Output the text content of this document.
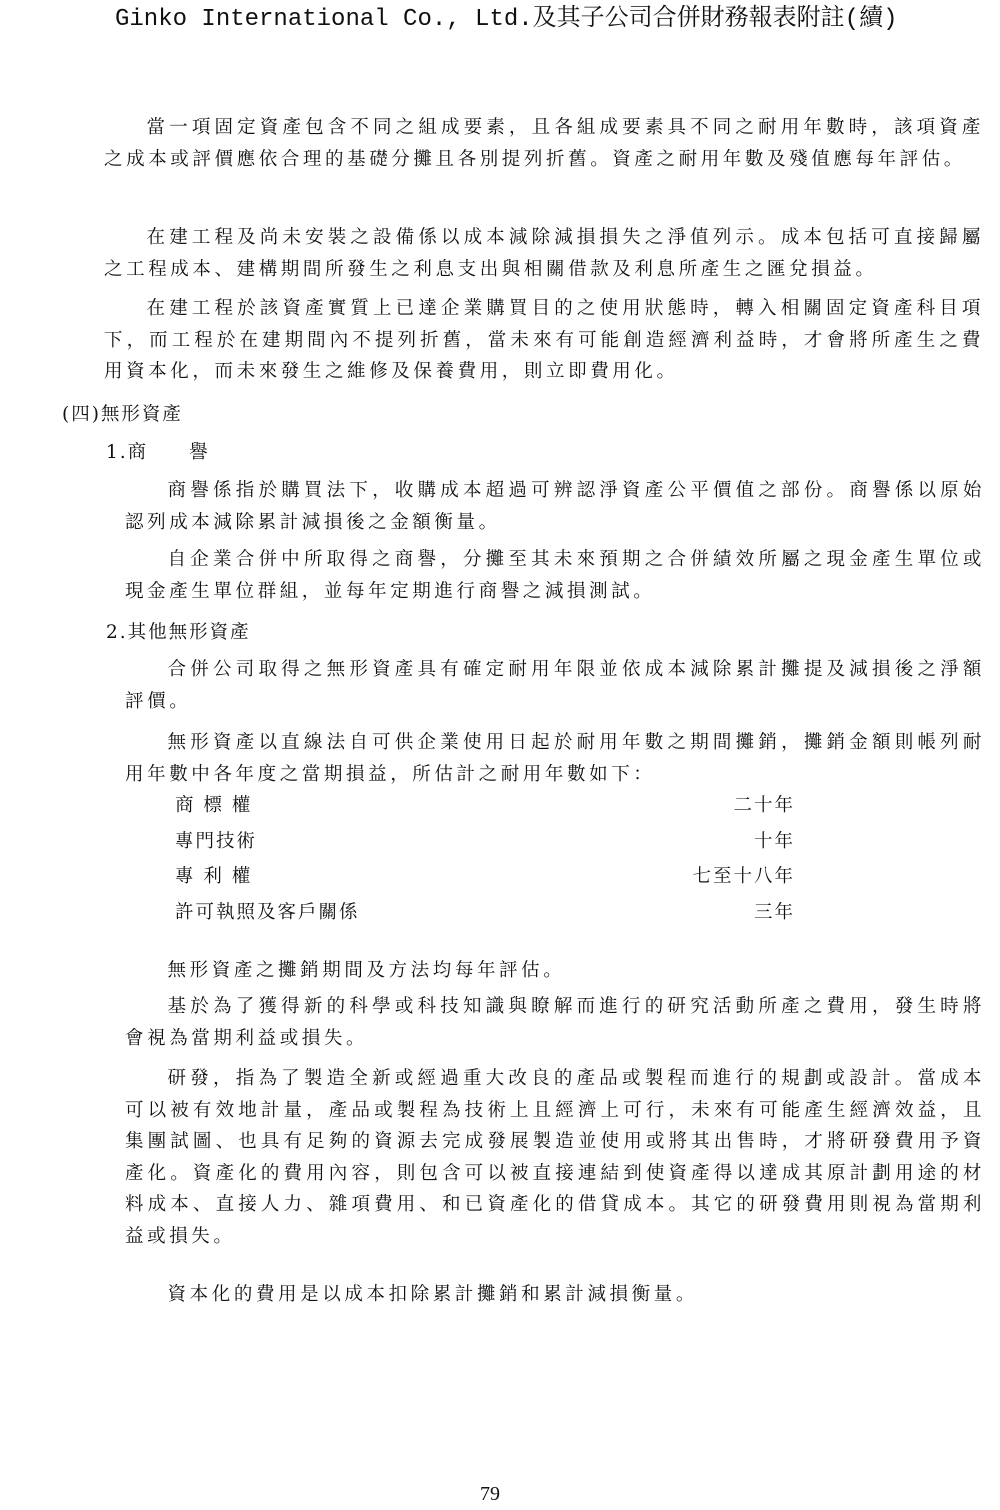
Ginko International Co., Ltd.及其子公司合併財務報表附註(續)

當一項固定資產包含不同之組成要素，且各組成要素具不同之耐用年數時，該項資產之成本或評價應依合理的基礎分攤且各別提列折舊。資產之耐用年數及殘值應每年評估。

在建工程及尚未安裝之設備係以成本減除減損損失之淨值列示。成本包括可直接歸屬之工程成本、建構期間所發生之利息支出與相關借款及利息所產生之匯兌損益。

在建工程於該資產實質上已達企業購買目的之使用狀態時，轉入相關固定資產科目項下，而工程於在建期間內不提列折舊，當未來有可能創造經濟利益時，才會將所產生之費用資本化，而未來發生之維修及保養費用，則立即費用化。

(四)無形資產
1.商　　譽

商譽係指於購買法下，收購成本超過可辨認淨資產公平價值之部份。商譽係以原始認列成本減除累計減損後之金額衡量。

自企業合併中所取得之商譽，分攤至其未來預期之合併績效所屬之現金產生單位或現金產生單位群組，並每年定期進行商譽之減損測試。

2.其他無形資產

合併公司取得之無形資產具有確定耐用年限並依成本減除累計攤提及減損後之淨額評價。

無形資產以直線法自可供企業使用日起於耐用年數之期間攤銷，攤銷金額則帳列耐用年數中各年度之當期損益，所估計之耐用年數如下：

商 標 權	二十年
專門技術	十年
專 利 權	七至十八年
許可執照及客戶關係	三年

無形資產之攤銷期間及方法均每年評估。

基於為了獲得新的科學或科技知識與瞭解而進行的研究活動所產之費用，發生時將會視為當期利益或損失。

研發，指為了製造全新或經過重大改良的產品或製程而進行的規劃或設計。當成本可以被有效地計量，產品或製程為技術上且經濟上可行，未來有可能產生經濟效益，且集團試圖、也具有足夠的資源去完成發展製造並使用或將其出售時，才將研發費用予資產化。資產化的費用內容，則包含可以被直接連結到使資產得以達成其原計劃用途的材料成本、直接人力、雜項費用、和已資產化的借貸成本。其它的研發費用則視為當期利益或損失。

資本化的費用是以成本扣除累計攤銷和累計減損衡量。

79
